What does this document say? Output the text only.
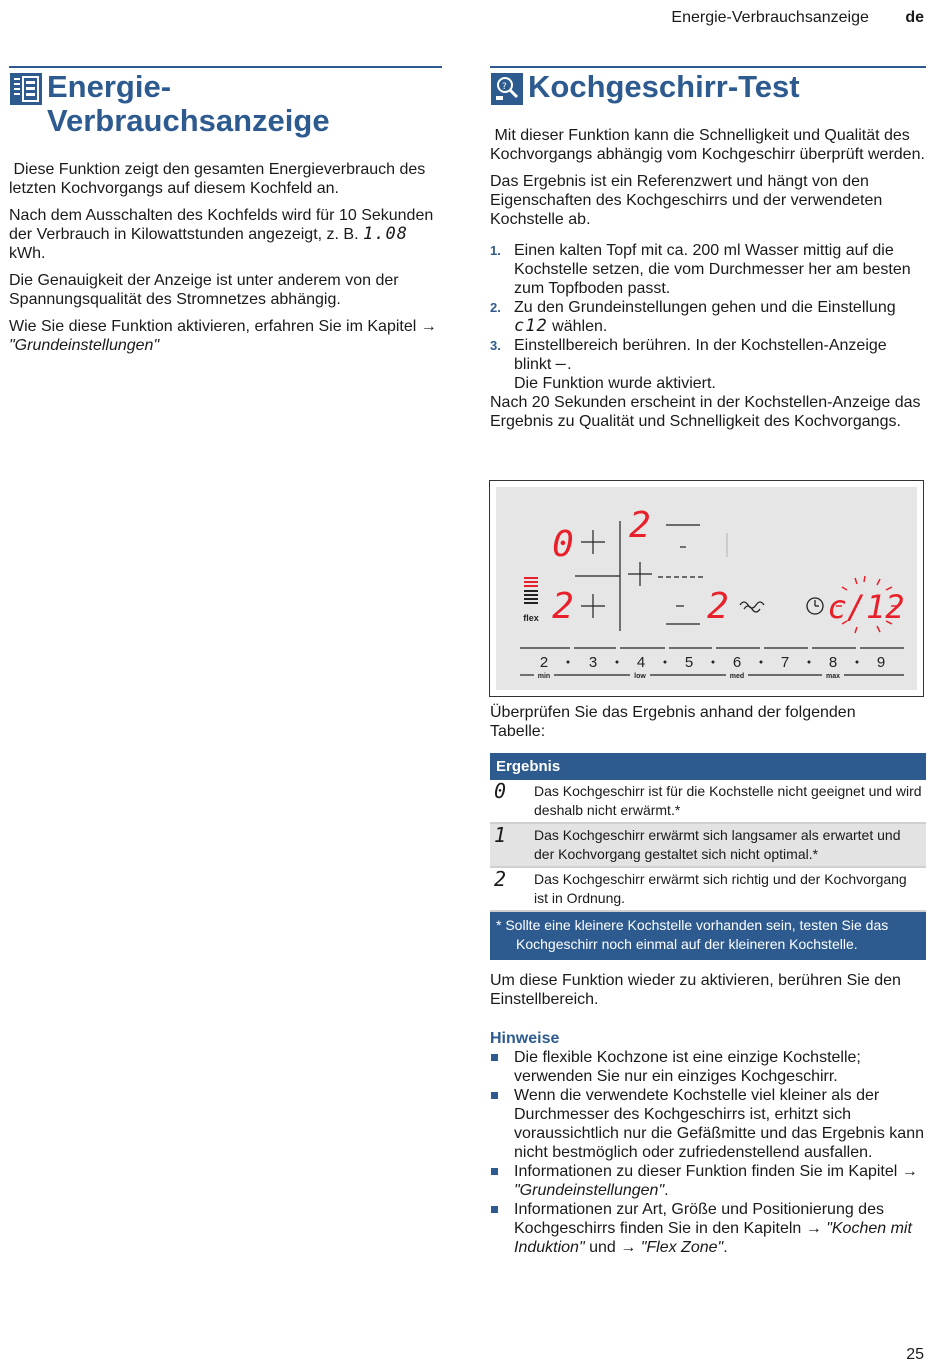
Energie-Verbrauchsanzeige de
Energie-
Verbrauchsanzeige

Diese Funktion zeigt den gesamten Energieverbrauch des letzten Kochvorgangs auf diesem Kochfeld an.

Nach dem Ausschalten des Kochfelds wird für 10 Sekunden der Verbrauch in Kilowattstunden angezeigt, z. B. 1.08 kWh.

Die Genauigkeit der Anzeige ist unter anderem von der Spannungsqualität des Stromnetzes abhängig.

Wie Sie diese Funktion aktivieren, erfahren Sie im Kapitel → "Grundeinstellungen"

? Kochgeschirr-Test

Mit dieser Funktion kann die Schnelligkeit und Qualität des Kochvorgangs abhängig vom Kochgeschirr überprüft werden.

Das Ergebnis ist ein Referenzwert und hängt von den Eigenschaften des Kochgeschirrs und der verwendeten Kochstelle ab.

1. Einen kalten Topf mit ca. 200 ml Wasser mittig auf die Kochstelle setzen, die vom Durchmesser her am besten zum Topfboden passt.
2. Zu den Grundeinstellungen gehen und die Einstellung c12 wählen.
3. Einstellbereich berühren. In der Kochstellen-Anzeige blinkt –.
Die Funktion wurde aktiviert.

Nach 20 Sekunden erscheint in der Kochstellen-Anzeige das Ergebnis zu Qualität und Schnelligkeit des Kochvorgangs.

0 2
2	2
flex	c/12
2	3	4	5	6	7	8	9
min	low	med	max

Überprüfen Sie das Ergebnis anhand der folgenden Tabelle:

Ergebnis	
0	Das Kochgeschirr ist für die Kochstelle nicht geeignet und wird deshalb nicht erwärmt.*
1	Das Kochgeschirr erwärmt sich langsamer als erwartet und der Kochvorgang gestaltet sich nicht optimal.*
2	Das Kochgeschirr erwärmt sich richtig und der Kochvorgang ist in Ordnung.
* Sollte eine kleinere Kochstelle vorhanden sein, testen Sie das Kochgeschirr noch einmal auf der kleineren Kochstelle.	

Um diese Funktion wieder zu aktivieren, berühren Sie den Einstellbereich.

Hinweise

Die flexible Kochzone ist eine einzige Kochstelle; verwenden Sie nur ein einziges Kochgeschirr.
Wenn die verwendete Kochstelle viel kleiner als der Durchmesser des Kochgeschirrs ist, erhitzt sich voraussichtlich nur die Gefäßmitte und das Ergebnis kann nicht bestmöglich oder zufriedenstellend ausfallen.
Informationen zu dieser Funktion finden Sie im Kapitel → "Grundeinstellungen".
Informationen zur Art, Größe und Positionierung des Kochgeschirrs finden Sie in den Kapiteln → "Kochen mit Induktion" und → "Flex Zone".
25
